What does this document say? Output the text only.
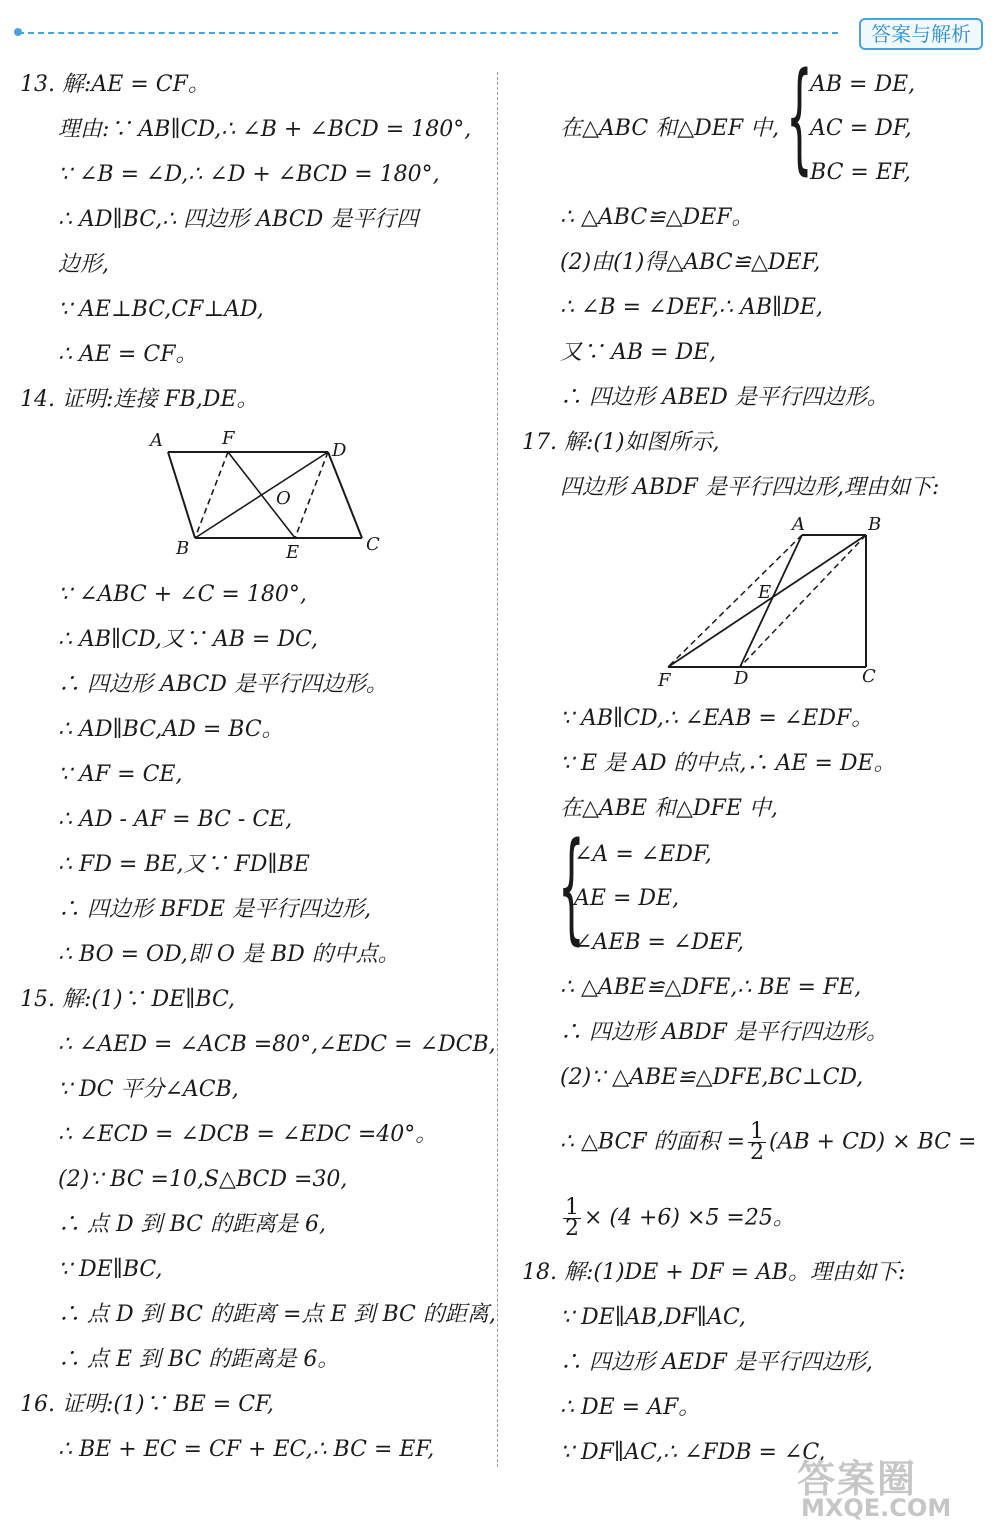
答案与解析
13. 解:AE = CF。
理由:∵ AB∥CD,∴ ∠B + ∠BCD = 180°,
∵ ∠B = ∠D,∴ ∠D + ∠BCD = 180°,
∴ AD∥BC,∴ 四边形 ABCD 是平行四
边形,
∵ AE⊥BC,CF⊥AD,
∴ AE = CF。
14. 证明:连接 FB,DE。
A	F
D
O
B	E	C
∵ ∠ABC + ∠C = 180°,
∴ AB∥CD,又∵ AB = DC,
∴ 四边形 ABCD 是平行四边形。
∴ AD∥BC,AD = BC。
∵ AF = CE,
∴ AD - AF = BC - CE,
∴ FD = BE,又∵ FD∥BE
∴ 四边形 BFDE 是平行四边形,
∴ BO = OD,即 O 是 BD 的中点。
15. 解:(1)∵ DE∥BC,
∴ ∠AED = ∠ACB =80°,∠EDC = ∠DCB,
∵ DC 平分∠ACB,
∴ ∠ECD = ∠DCB = ∠EDC =40°。
(2)∵ BC =10,S△BCD =30,
∴ 点 D 到 BC 的距离是 6,
∵ DE∥BC,
∴ 点 D 到 BC 的距离 =点 E 到 BC 的距离,
∴ 点 E 到 BC 的距离是 6。
16. 证明:(1)∵ BE = CF,
∴ BE + EC = CF + EC,∴ BC = EF,
在△ABC 和△DEF 中, {
AB = DE,
AC = DF,
BC = EF,
∴ △ABC≌△DEF。
(2)由(1)得△ABC≌△DEF,
∴ ∠B = ∠DEF,∴ AB∥DE,
又∵ AB = DE,
∴ 四边形 ABED 是平行四边形。
17. 解:(1)如图所示,
四边形 ABDF 是平行四边形,理由如下:
A	B
E
F	D	C
∵ AB∥CD,∴ ∠EAB = ∠EDF。
∵ E 是 AD 的中点,∴ AE = DE。
在△ABE 和△DFE 中,
{
∠A = ∠EDF,
AE = DE,
∠AEB = ∠DEF,
∴ △ABE≌△DFE,∴ BE = FE,
∴ 四边形 ABDF 是平行四边形。
(2)∵ △ABE≌△DFE,BC⊥CD,
∴ △BCF 的面积 = $\frac{1}{2} (AB + CD)$ × BC =
$\frac{1}{2} \times (4 +6) \times 5 =25$。
18. 解:(1)DE + DF = AB。理由如下:
∵ DE∥AB,DF∥AC,
∴ 四边形 AEDF 是平行四边形,
∴ DE = AF。
∵ DF∥AC,∴ ∠FDB = ∠C,
答案圈
MXQE.COM
